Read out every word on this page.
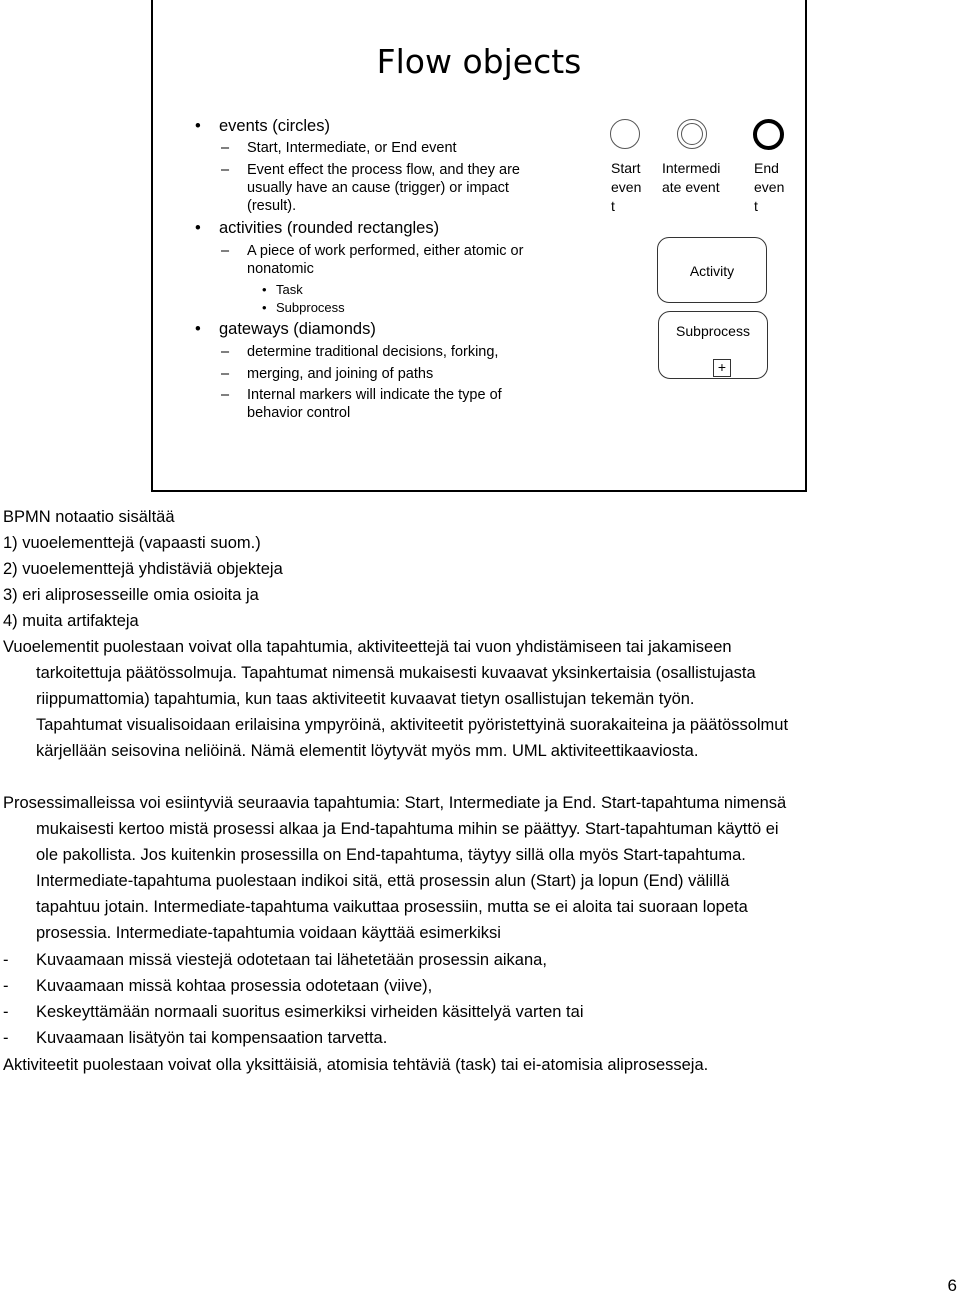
Flow objects
• events (circles)
– Start, Intermediate, or End event
– Event effect the process flow, and they are
usually have an cause (trigger) or impact
(result).
• activities (rounded rectangles)
– A piece of work performed, either atomic or
nonatomic
• Task
• Subprocess
• gateways (diamonds)
– determine traditional decisions, forking,
– merging, and joining of paths
– Internal markers will indicate the type of
behavior control
Start
even
t
Intermedi
ate event
End
even
t
Activity
Subprocess
+
BPMN notaatio sisältää
1) vuoelementtejä (vapaasti suom.)
2) vuoelementtejä yhdistäviä objekteja
3) eri aliprosesseille omia osioita ja
4) muita artifakteja
Vuoelementit puolestaan voivat olla tapahtumia, aktiviteettejä tai vuon yhdistämiseen tai jakamiseen
tarkoitettuja päätössolmuja. Tapahtumat nimensä mukaisesti kuvaavat yksinkertaisia (osallistujasta
riippumattomia) tapahtumia, kun taas aktiviteetit kuvaavat tietyn osallistujan tekemän työn.
Tapahtumat visualisoidaan erilaisina ympyröinä, aktiviteetit pyöristettyinä suorakaiteina ja päätössolmut
kärjellään seisovina neliöinä. Nämä elementit löytyvät myös mm. UML aktiviteettikaaviosta.
Prosessimalleissa voi esiintyviä seuraavia tapahtumia: Start, Intermediate ja End. Start-tapahtuma nimensä
mukaisesti kertoo mistä prosessi alkaa ja End-tapahtuma mihin se päättyy. Start-tapahtuman käyttö ei
ole pakollista. Jos kuitenkin prosessilla on End-tapahtuma, täytyy sillä olla myös Start-tapahtuma.
Intermediate-tapahtuma puolestaan indikoi sitä, että prosessin alun (Start) ja lopun (End) välillä
tapahtuu jotain. Intermediate-tapahtuma vaikuttaa prosessiin, mutta se ei aloita tai suoraan lopeta
prosessia. Intermediate-tapahtumia voidaan käyttää esimerkiksi
- Kuvaamaan missä viestejä odotetaan tai lähetetään prosessin aikana,
- Kuvaamaan missä kohtaa prosessia odotetaan (viive),
- Keskeyttämään normaali suoritus esimerkiksi virheiden käsittelyä varten tai
- Kuvaamaan lisätyön tai kompensaation tarvetta.
Aktiviteetit puolestaan voivat olla yksittäisiä, atomisia tehtäviä (task) tai ei-atomisia aliprosesseja.
6
